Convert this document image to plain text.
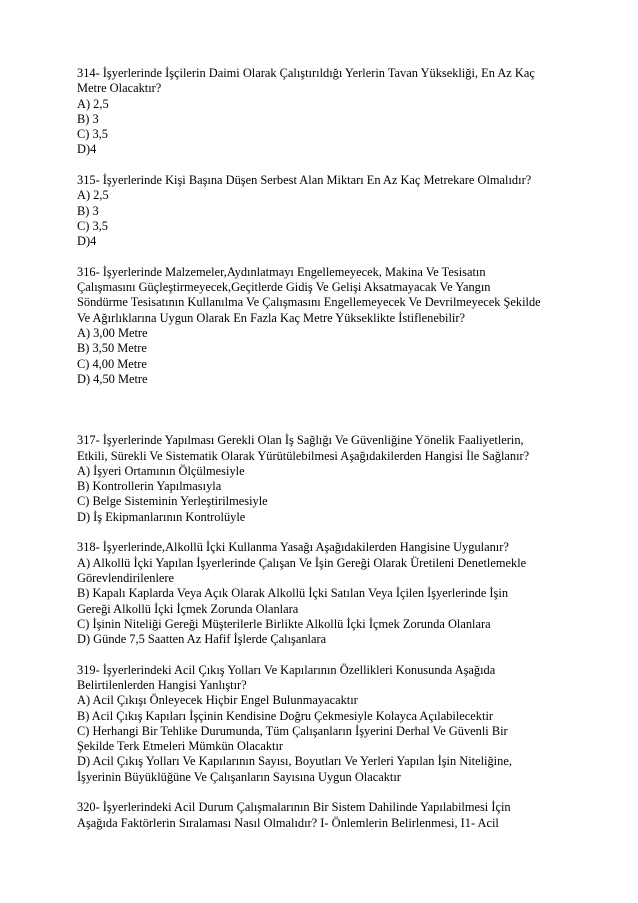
314- İşyerlerinde İşçilerin Daimi Olarak Çalıştırıldığı Yerlerin Tavan Yüksekliği, En Az Kaç
Metre Olacaktır?
A) 2,5
B) 3
C) 3,5
D)4
315- İşyerlerinde Kişi Başına Düşen Serbest Alan Miktarı En Az Kaç Metrekare Olmalıdır?
A) 2,5
B) 3
C) 3,5
D)4
316- İşyerlerinde Malzemeler,Aydınlatmayı Engellemeyecek, Makina Ve Tesisatın
Çalışmasını Güçleştirmeyecek,Geçitlerde Gidiş Ve Gelişi Aksatmayacak Ve Yangın
Söndürme Tesisatının Kullanılma Ve Çalışmasını Engellemeyecek Ve Devrilmeyecek Şekilde
Ve Ağırlıklarına Uygun Olarak En Fazla Kaç Metre Yükseklikte İstiflenebilir?
A) 3,00 Metre
B) 3,50 Metre
C) 4,00 Metre
D) 4,50 Metre
317- İşyerlerinde Yapılması Gerekli Olan İş Sağlığı Ve Güvenliğine Yönelik Faaliyetlerin,
Etkili, Sürekli Ve Sistematik Olarak Yürütülebilmesi Aşağıdakilerden Hangisi İle Sağlanır?
A) İşyeri Ortamının Ölçülmesiyle
B) Kontrollerin Yapılmasıyla
C) Belge Sisteminin Yerleştirilmesiyle
D) İş Ekipmanlarının Kontrolüyle
318- İşyerlerinde,Alkollü İçki Kullanma Yasağı Aşağıdakilerden Hangisine Uygulanır?
A) Alkollü İçki Yapılan İşyerlerinde Çalışan Ve İşin Gereği Olarak Üretileni Denetlemekle
Görevlendirilenlere
B) Kapalı Kaplarda Veya Açık Olarak Alkollü İçki Satılan Veya İçilen İşyerlerinde İşin
Gereği Alkollü İçki İçmek Zorunda Olanlara
C) İşinin Niteliği Gereği Müşterilerle Birlikte Alkollü İçki İçmek Zorunda Olanlara
D) Günde 7,5 Saatten Az Hafif İşlerde Çalışanlara
319- İşyerlerindeki Acil Çıkış Yolları Ve Kapılarının Özellikleri Konusunda Aşağıda
Belirtilenlerden Hangisi Yanlıştır?
A) Acil Çıkışı Önleyecek Hiçbir Engel Bulunmayacaktır
B) Acil Çıkış Kapıları İşçinin Kendisine Doğru Çekmesiyle Kolayca Açılabilecektir
C) Herhangi Bir Tehlike Durumunda, Tüm Çalışanların İşyerini Derhal Ve Güvenli Bir
Şekilde Terk Etmeleri Mümkün Olacaktır
D) Acil Çıkış Yolları Ve Kapılarının Sayısı, Boyutları Ve Yerleri Yapılan İşin Niteliğine,
İşyerinin Büyüklüğüne Ve Çalışanların Sayısına Uygun Olacaktır
320- İşyerlerindeki Acil Durum Çalışmalarının Bir Sistem Dahilinde Yapılabilmesi İçin
Aşağıda Faktörlerin Sıralaması Nasıl Olmalıdır? I- Önlemlerin Belirlenmesi, I1- Acil
